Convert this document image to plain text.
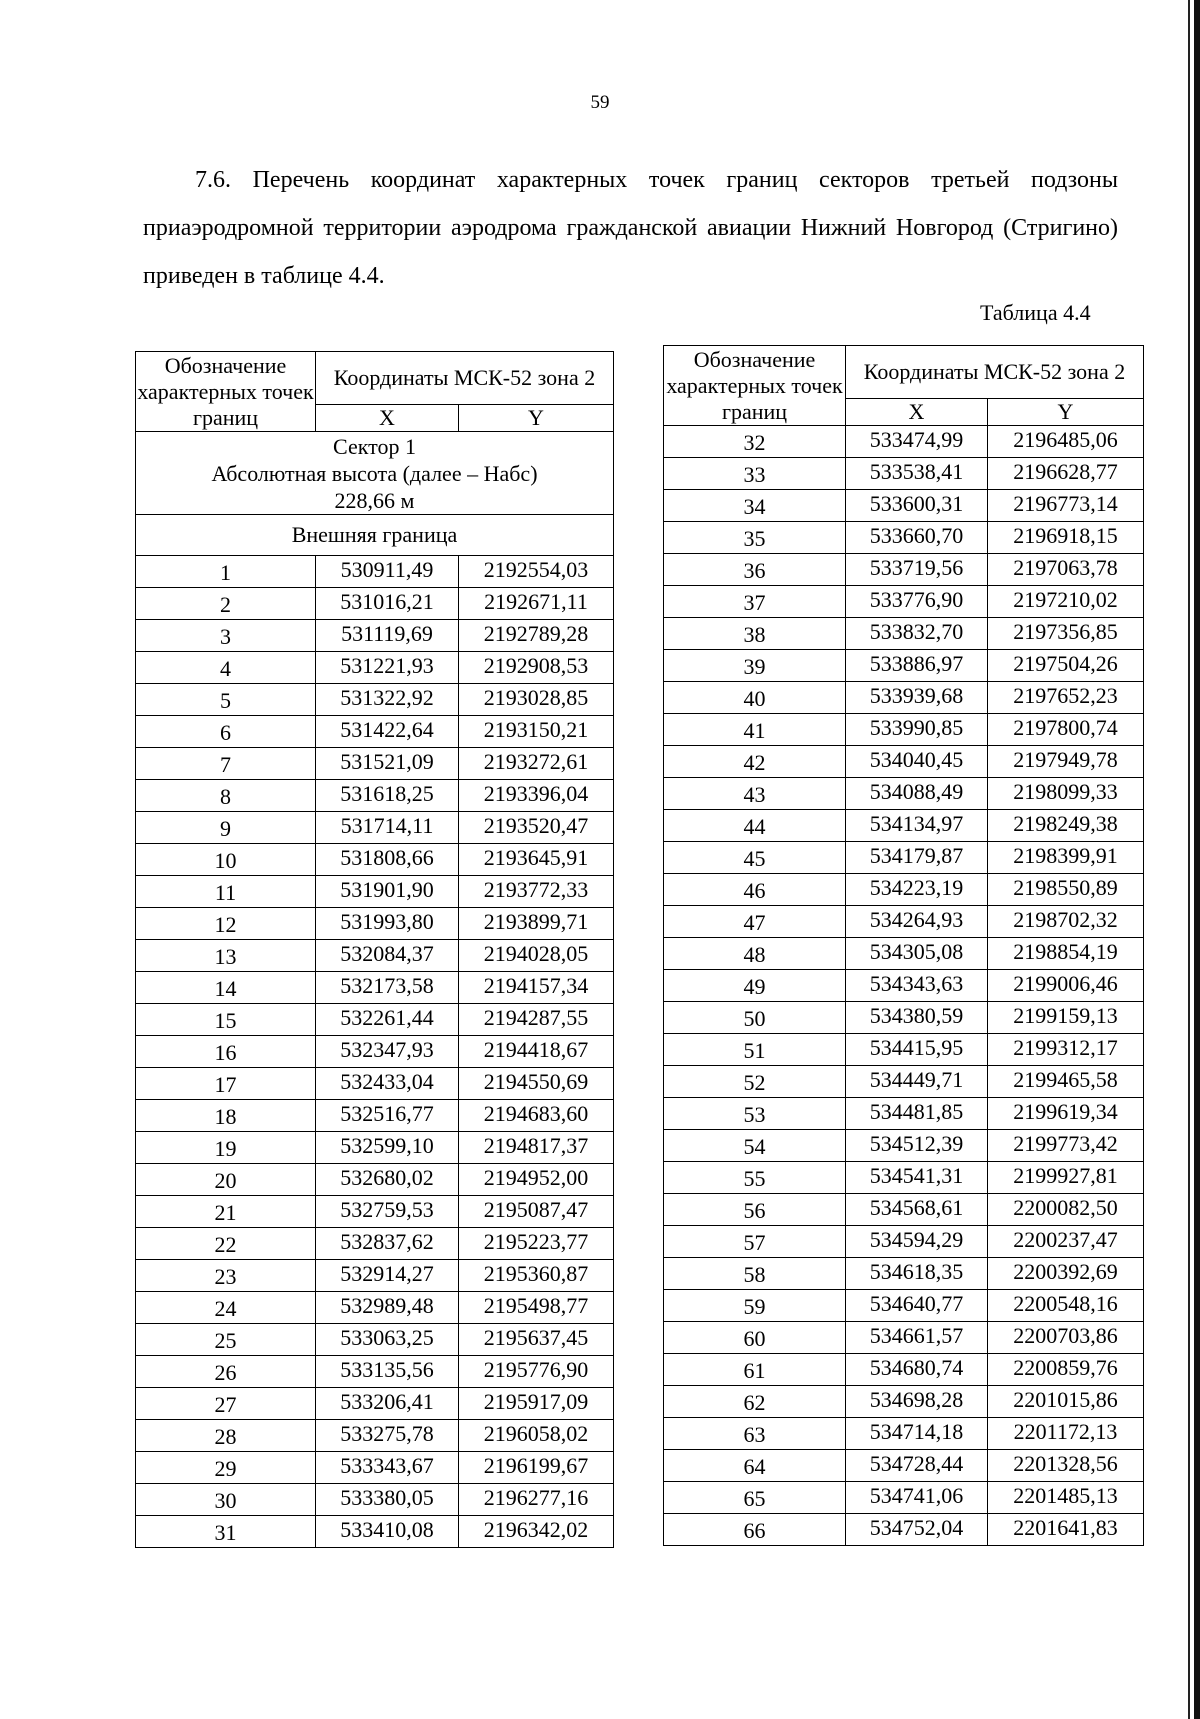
59
7.6. Перечень координат характерных точек границ секторов третьей подзоны приаэродромной территории аэродрома гражданской авиации Нижний Новгород (Стригино) приведен в таблице 4.4.
Таблица 4.4
Обозначение характерных точек границ	Координаты МСК-52 зона 2	
	X	Y

Сектор 1
Абсолютная высота (далее – Набс)
228,66 м		

Внешняя граница		
1	530911,49	2192554,03
2	531016,21	2192671,11
3	531119,69	2192789,28
4	531221,93	2192908,53
5	531322,92	2193028,85
6	531422,64	2193150,21
7	531521,09	2193272,61
8	531618,25	2193396,04
9	531714,11	2193520,47
10	531808,66	2193645,91
11	531901,90	2193772,33
12	531993,80	2193899,71
13	532084,37	2194028,05
14	532173,58	2194157,34
15	532261,44	2194287,55
16	532347,93	2194418,67
17	532433,04	2194550,69
18	532516,77	2194683,60
19	532599,10	2194817,37
20	532680,02	2194952,00
21	532759,53	2195087,47
22	532837,62	2195223,77
23	532914,27	2195360,87
24	532989,48	2195498,77
25	533063,25	2195637,45
26	533135,56	2195776,90
27	533206,41	2195917,09
28	533275,78	2196058,02
29	533343,67	2196199,67
30	533380,05	2196277,16
31	533410,08	2196342,02
Обозначение характерных точек границ	Координаты МСК-52 зона 2	
	X	Y
32	533474,99	2196485,06
33	533538,41	2196628,77
34	533600,31	2196773,14
35	533660,70	2196918,15
36	533719,56	2197063,78
37	533776,90	2197210,02
38	533832,70	2197356,85
39	533886,97	2197504,26
40	533939,68	2197652,23
41	533990,85	2197800,74
42	534040,45	2197949,78
43	534088,49	2198099,33
44	534134,97	2198249,38
45	534179,87	2198399,91
46	534223,19	2198550,89
47	534264,93	2198702,32
48	534305,08	2198854,19
49	534343,63	2199006,46
50	534380,59	2199159,13
51	534415,95	2199312,17
52	534449,71	2199465,58
53	534481,85	2199619,34
54	534512,39	2199773,42
55	534541,31	2199927,81
56	534568,61	2200082,50
57	534594,29	2200237,47
58	534618,35	2200392,69
59	534640,77	2200548,16
60	534661,57	2200703,86
61	534680,74	2200859,76
62	534698,28	2201015,86
63	534714,18	2201172,13
64	534728,44	2201328,56
65	534741,06	2201485,13
66	534752,04	2201641,83
